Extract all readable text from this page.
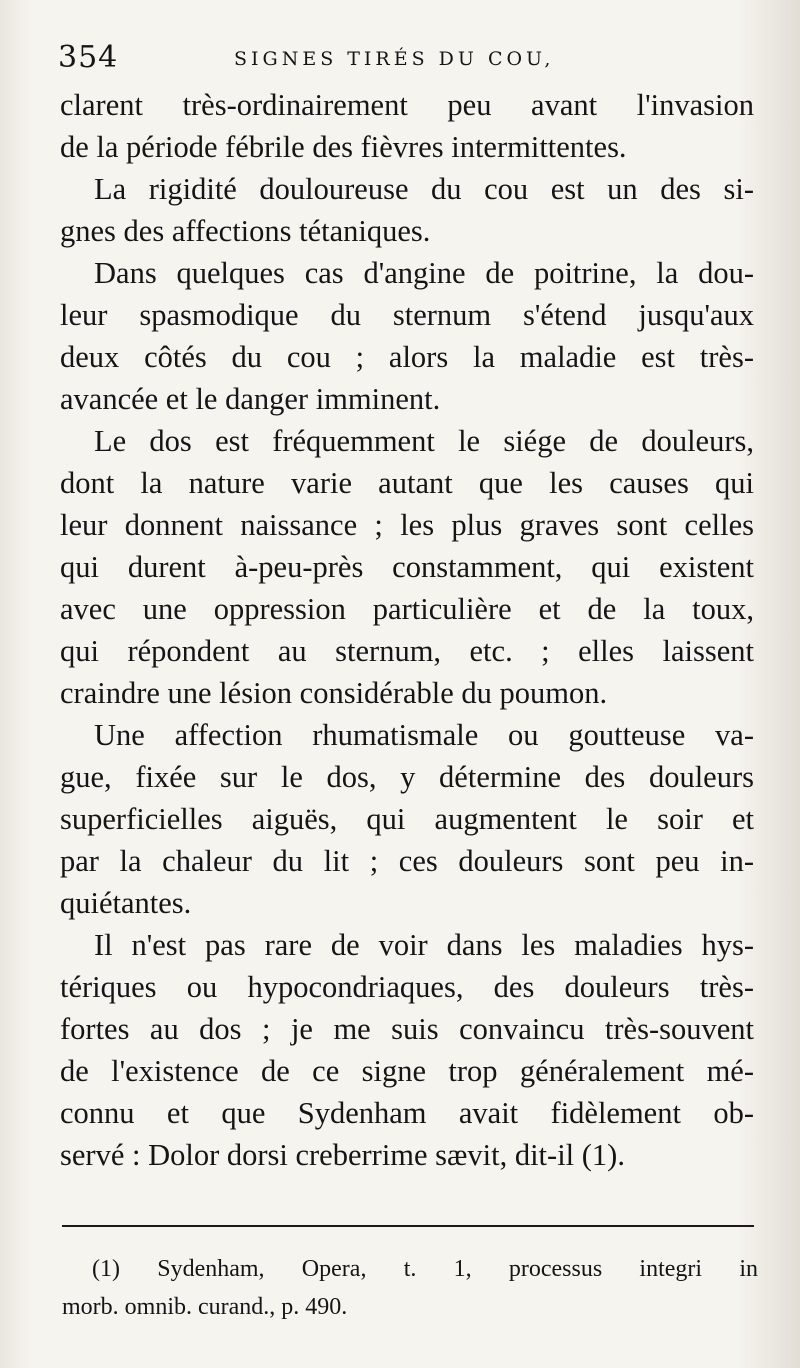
354	SIGNES TIRÉS DU COU,
clarent très-ordinairement peu avant l'invasion
de la période fébrile des fièvres intermittentes.
La rigidité douloureuse du cou est un des si-
gnes des affections tétaniques.
Dans quelques cas d'angine de poitrine, la dou-
leur spasmodique du sternum s'étend jusqu'aux
deux côtés du cou ; alors la maladie est très-
avancée et le danger imminent.
Le dos est fréquemment le siége de douleurs,
dont la nature varie autant que les causes qui
leur donnent naissance ; les plus graves sont celles
qui durent à-peu-près constamment, qui existent
avec une oppression particulière et de la toux,
qui répondent au sternum, etc. ; elles laissent
craindre une lésion considérable du poumon.
Une affection rhumatismale ou goutteuse va-
gue, fixée sur le dos, y détermine des douleurs
superficielles aiguës, qui augmentent le soir et
par la chaleur du lit ; ces douleurs sont peu in-
quiétantes.
Il n'est pas rare de voir dans les maladies hys-
tériques ou hypocondriaques, des douleurs très-
fortes au dos ; je me suis convaincu très-souvent
de l'existence de ce signe trop généralement mé-
connu et que Sydenham avait fidèlement ob-
servé : Dolor dorsi creberrime sævit, dit-il (1).
(1) Sydenham, Opera, t. 1, processus integri in
morb. omnib. curand., p. 490.
